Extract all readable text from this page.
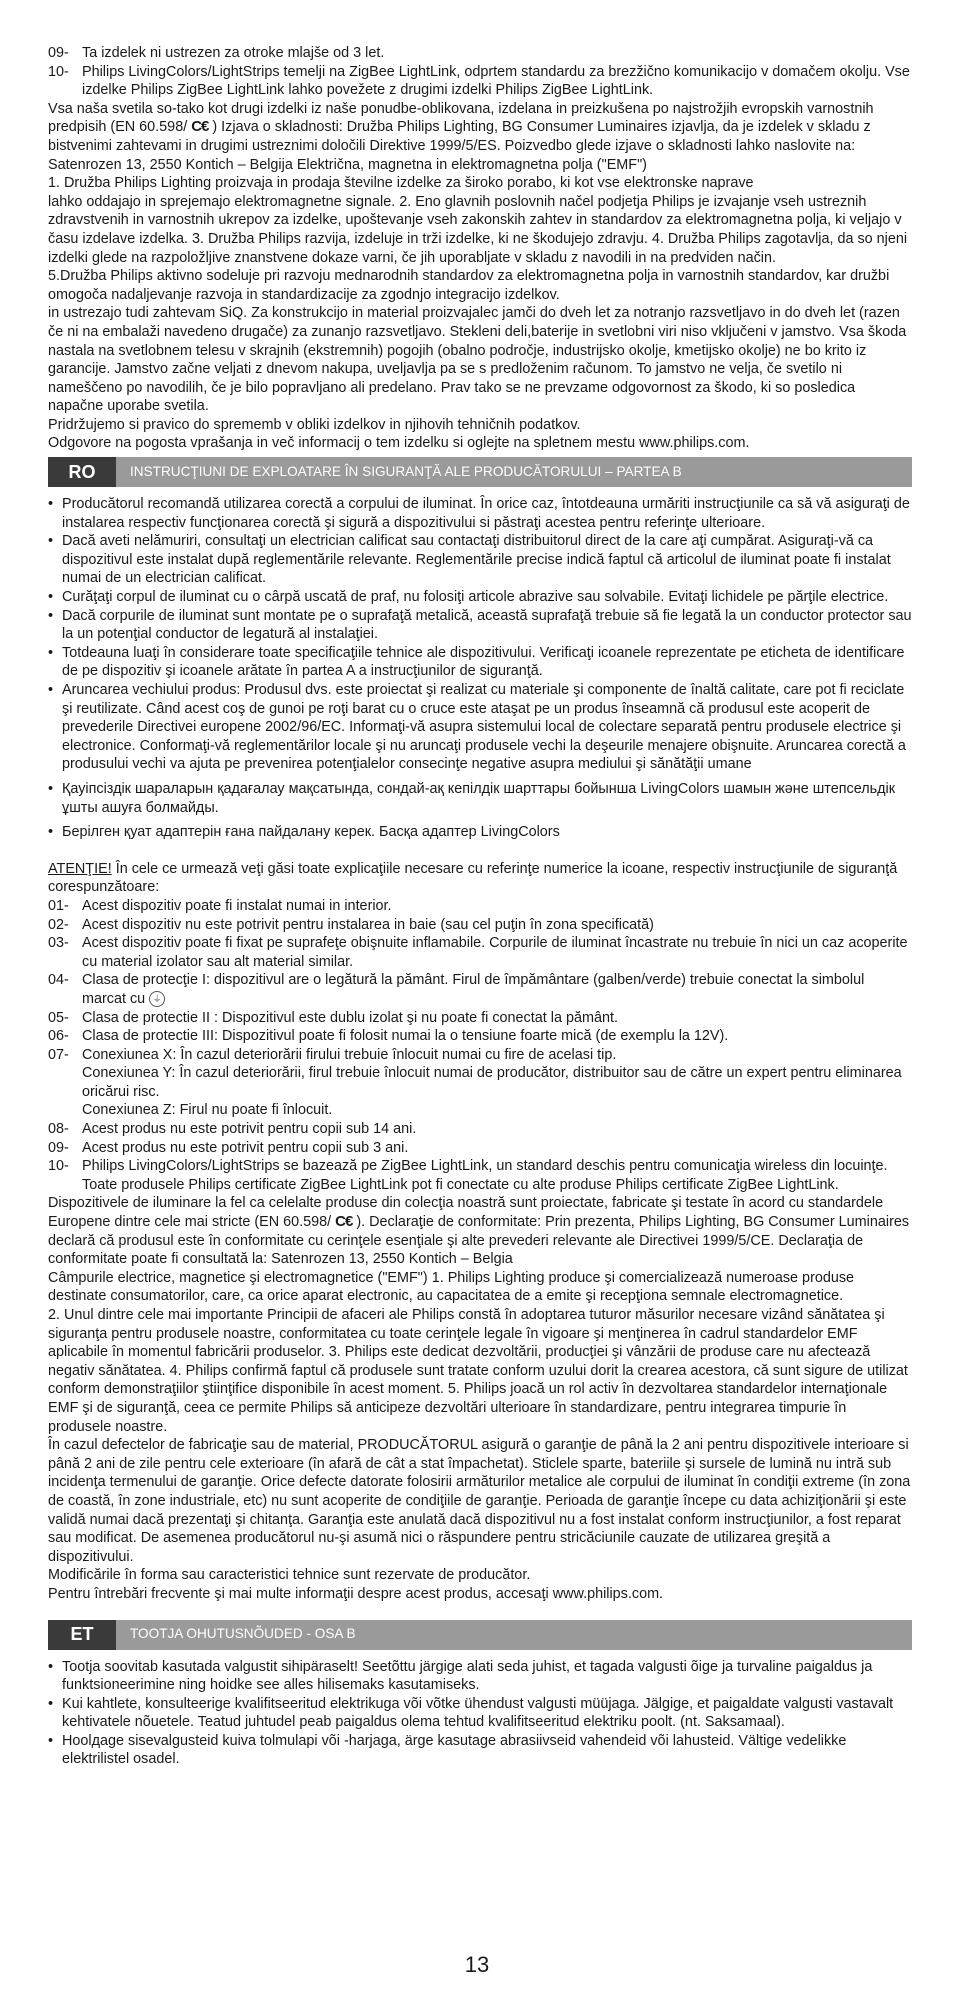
09- Ta izdelek ni ustrezen za otroke mlajše od 3 let.
10- Philips LivingColors/LightStrips temelji na ZigBee LightLink, odprtem standardu za brezžično komunikacijo v domačem okolju. Vse izdelke Philips ZigBee LightLink lahko povežete z drugimi izdelki Philips ZigBee LightLink.
Vsa naša svetila so-tako kot drugi izdelki iz naše ponudbe-oblikovana, izdelana in preizkušena po najstrožjih evropskih varnostnih predpisih (EN 60.598/ C€ ) Izjava o skladnosti: Družba Philips Lighting, BG Consumer Luminaires izjavlja, da je izdelek v skladu z bistvenimi zahtevami in drugimi ustreznimi določili Direktive 1999/5/ES. Poizvedbo glede izjave o skladnosti lahko naslovite na: Satenrozen 13, 2550 Kontich – Belgija Električna, magnetna in elektromagnetna polja ("EMF")
1. Družba Philips Lighting proizvaja in prodaja številne izdelke za široko porabo, ki kot vse elektronske naprave
lahko oddajajo in sprejemajo elektromagnetne signale. 2. Eno glavnih poslovnih načel podjetja Philips je izvajanje vseh ustreznih zdravstvenih in varnostnih ukrepov za izdelke, upoštevanje vseh zakonskih zahtev in standardov za elektromagnetna polja, ki veljajo v času izdelave izdelka. 3. Družba Philips razvija, izdeluje in trži izdelke, ki ne škodujejo zdravju. 4. Družba Philips zagotavlja, da so njeni izdelki glede na razpoložljive znanstvene dokaze varni, če jih uporabljate v skladu z navodili in na predviden način.
5.Družba Philips aktivno sodeluje pri razvoju mednarodnih standardov za elektromagnetna polja in varnostnih standardov, kar družbi omogoča nadaljevanje razvoja in standardizacije za zgodnjo integracijo izdelkov.
in ustrezajo tudi zahtevam SiQ. Za konstrukcijo in material proizvajalec jamči do dveh let za notranjo razsvetljavo in do dveh let (razen če ni na embalaži navedeno drugače) za zunanjo razsvetljavo. Stekleni deli,baterije in svetlobni viri niso vključeni v jamstvo. Vsa škoda nastala na svetlobnem telesu v skrajnih (ekstremnih) pogojih (obalno področje, industrijsko okolje, kmetijsko okolje) ne bo krito iz garancije. Jamstvo začne veljati z dnevom nakupa, uveljavlja pa se s predloženim računom. To jamstvo ne velja, če svetilo ni nameščeno po navodilih, če je bilo popravljano ali predelano. Prav tako se ne prevzame odgovornost za škodo, ki so posledica napačne uporabe svetila.
Pridržujemo si pravico do sprememb v obliki izdelkov in njihovih tehničnih podatkov.
Odgovore na pogosta vprašanja in več informacij o tem izdelku si oglejte na spletnem mestu www.philips.com.
RO	INSTRUCŢIUNI DE EXPLOATARE ÎN SIGURANŢĂ ALE PRODUCĂTORULUI – PARTEA B
• Producătorul recomandă utilizarea corectă a corpului de iluminat. În orice caz, întotdeauna urmăriti instrucţiunile ca să vă asiguraţi de instalarea respectiv funcţionarea corectă şi sigură a dispozitivului si păstraţi acestea pentru referinţe ulterioare.
• Dacă aveti nelămuriri, consultaţi un electrician calificat sau contactaţi distribuitorul direct de la care aţi cumpărat. Asiguraţi-vă ca dispozitivul este instalat după reglementările relevante. Reglementările precise indică faptul că articolul de iluminat poate fi instalat numai de un electrician calificat.
• Curăţaţi corpul de iluminat cu o cârpă uscată de praf, nu folosiţi articole abrazive sau solvabile. Evitaţi lichidele pe părţile electrice.
• Dacă corpurile de iluminat sunt montate pe o suprafaţă metalică, această suprafaţă trebuie să fie legată la un conductor protector sau la un potenţial conductor de legatură al instalaţiei.
• Totdeauna luaţi în considerare toate specificaţiile tehnice ale dispozitivului. Verificaţi icoanele reprezentate pe eticheta de identificare de pe dispozitiv şi icoanele arătate în partea A a instrucţiunilor de siguranţă.
• Aruncarea vechiului produs: Produsul dvs. este proiectat şi realizat cu materiale şi componente de înaltă calitate, care pot fi reciclate şi reutilizate. Când acest coş de gunoi pe roţi barat cu o cruce este ataşat pe un produs înseamnă că produsul este acoperit de prevederile Directivei europene 2002/96/EC. Informaţi-vă asupra sistemului local de colectare separată pentru produsele electrice şi electronice. Conformaţi-vă reglementărilor locale şi nu aruncaţi produsele vechi la deşeurile menajere obişnuite. Aruncarea corectă a produsului vechi va ajuta pe prevenirea potenţialelor consecinţe negative asupra mediului şi sănătăţii umane
• Қауіпсіздік шараларын қадағалау мақсатында, сондай-ақ кепілдік шарттары бойынша LivingColors шамын және штепсельдік ұшты ашуға болмайды.
• Берілген қуат адаптерін ғана пайдалану керек. Басқа адаптер LivingColors
ATENŢIE! În cele ce urmează veţi găsi toate explicaţiile necesare cu referinţe numerice la icoane, respectiv instrucţiunile de siguranţă corespunzătoare:
01- Acest dispozitiv poate fi instalat numai in interior.
02- Acest dispozitiv nu este potrivit pentru instalarea in baie (sau cel puţin în zona specificată)
03- Acest dispozitiv poate fi fixat pe suprafeţe obişnuite inflamabile. Corpurile de iluminat încastrate nu trebuie în nici un caz acoperite cu material izolator sau alt material similar.
04- Clasa de protecţie I: dispozitivul are o legătură la pământ. Firul de împământare (galben/verde) trebuie conectat la simbolul marcat cu ⏚
05- Clasa de protectie II : Dispozitivul este dublu izolat şi nu poate fi conectat la pământ.
06- Clasa de protectie III: Dispozitivul poate fi folosit numai la o tensiune foarte mică (de exemplu la 12V).
07- Conexiunea X: În cazul deteriorării firului trebuie înlocuit numai cu fire de acelasi tip.
Conexiunea Y: În cazul deteriorării, firul trebuie înlocuit numai de producător, distribuitor sau de către un expert pentru eliminarea oricărui risc.
Conexiunea Z: Firul nu poate fi înlocuit.
08- Acest produs nu este potrivit pentru copii sub 14 ani.
09- Acest produs nu este potrivit pentru copii sub 3 ani.
10- Philips LivingColors/LightStrips se bazează pe ZigBee LightLink, un standard deschis pentru comunicaţia wireless din locuinţe.
Toate produsele Philips certificate ZigBee LightLink pot fi conectate cu alte produse Philips certificate ZigBee LightLink.
Dispozitivele de iluminare la fel ca celelalte produse din colecţia noastră sunt proiectate, fabricate şi testate în acord cu standardele Europene dintre cele mai stricte (EN 60.598/ C€ ). Declaraţie de conformitate: Prin prezenta, Philips Lighting, BG Consumer Luminaires declară că produsul este în conformitate cu cerinţele esenţiale şi alte prevederi relevante ale Directivei 1999/5/CE. Declaraţia de conformitate poate fi consultată la: Satenrozen 13, 2550 Kontich – Belgia
Câmpurile electrice, magnetice şi electromagnetice ("EMF") 1. Philips Lighting produce şi comercializează numeroase produse destinate consumatorilor, care, ca orice aparat electronic, au capacitatea de a emite şi recepţiona semnale electromagnetice.
2. Unul dintre cele mai importante Principii de afaceri ale Philips constă în adoptarea tuturor măsurilor necesare vizând sănătatea şi siguranţa pentru produsele noastre, conformitatea cu toate cerinţele legale în vigoare şi menţinerea în cadrul standardelor EMF aplicabile în momentul fabricării produselor. 3. Philips este dedicat dezvoltării, producţiei şi vânzării de produse care nu afectează negativ sănătatea. 4. Philips confirmă faptul că produsele sunt tratate conform uzului dorit la crearea acestora, că sunt sigure de utilizat conform demonstraţiilor ştiinţifice disponibile în acest moment. 5. Philips joacă un rol activ în dezvoltarea standardelor internaţionale EMF şi de siguranţă, ceea ce permite Philips să anticipeze dezvoltări ulterioare în standardizare, pentru integrarea timpurie în produsele noastre.
În cazul defectelor de fabricaţie sau de material, PRODUCĂTORUL asigură o garanţie de până la 2 ani pentru dispozitivele interioare si până 2 ani de zile pentru cele exterioare (în afară de cât a stat împachetat). Sticlele sparte, bateriile şi sursele de lumină nu intră sub incidenţa termenului de garanţie. Orice defecte datorate folosirii armăturilor metalice ale corpului de iluminat în condiţii extreme (în zona de coastă, în zone industriale, etc) nu sunt acoperite de condiţiile de garanţie. Perioada de garanţie începe cu data achiziţionării şi este validă numai dacă prezentaţi şi chitanţa. Garanţia este anulată dacă dispozitivul nu a fost instalat conform instrucţiunilor, a fost reparat sau modificat. De asemenea producătorul nu-şi asumă nici o răspundere pentru stricăciunile cauzate de utilizarea greşită a dispozitivului.
Modificările în forma sau caracteristici tehnice sunt rezervate de producător.
Pentru întrebări frecvente şi mai multe informaţii despre acest produs, accesaţi www.philips.com.
ET	TOOTJA OHUTUSNÕUDED - OSA B
• Tootja soovitab kasutada valgustit sihipäraselt! Seetõttu järgige alati seda juhist, et tagada valgusti õige ja turvaline paigaldus ja funktsioneerimine ning hoidke see alles hilisemaks kasutamiseks.
• Kui kahtlete, konsulteerige kvalifitseeritud elektrikuga või võtke ühendust valgusti müüjaga. Jälgige, et paigaldate valgusti vastavalt kehtivatele nõuetele. Teatud juhtudel peab paigaldus olema tehtud kvalifitseeritud elektriku poolt. (nt. Saksamaal).
• Hoolдage sisevalgusteid kuiva tolmulapi või -harjaga, ärge kasutage abrasiivseid vahendeid või lahusteid. Vältige vedelikke elektrilistel osadel.
13
